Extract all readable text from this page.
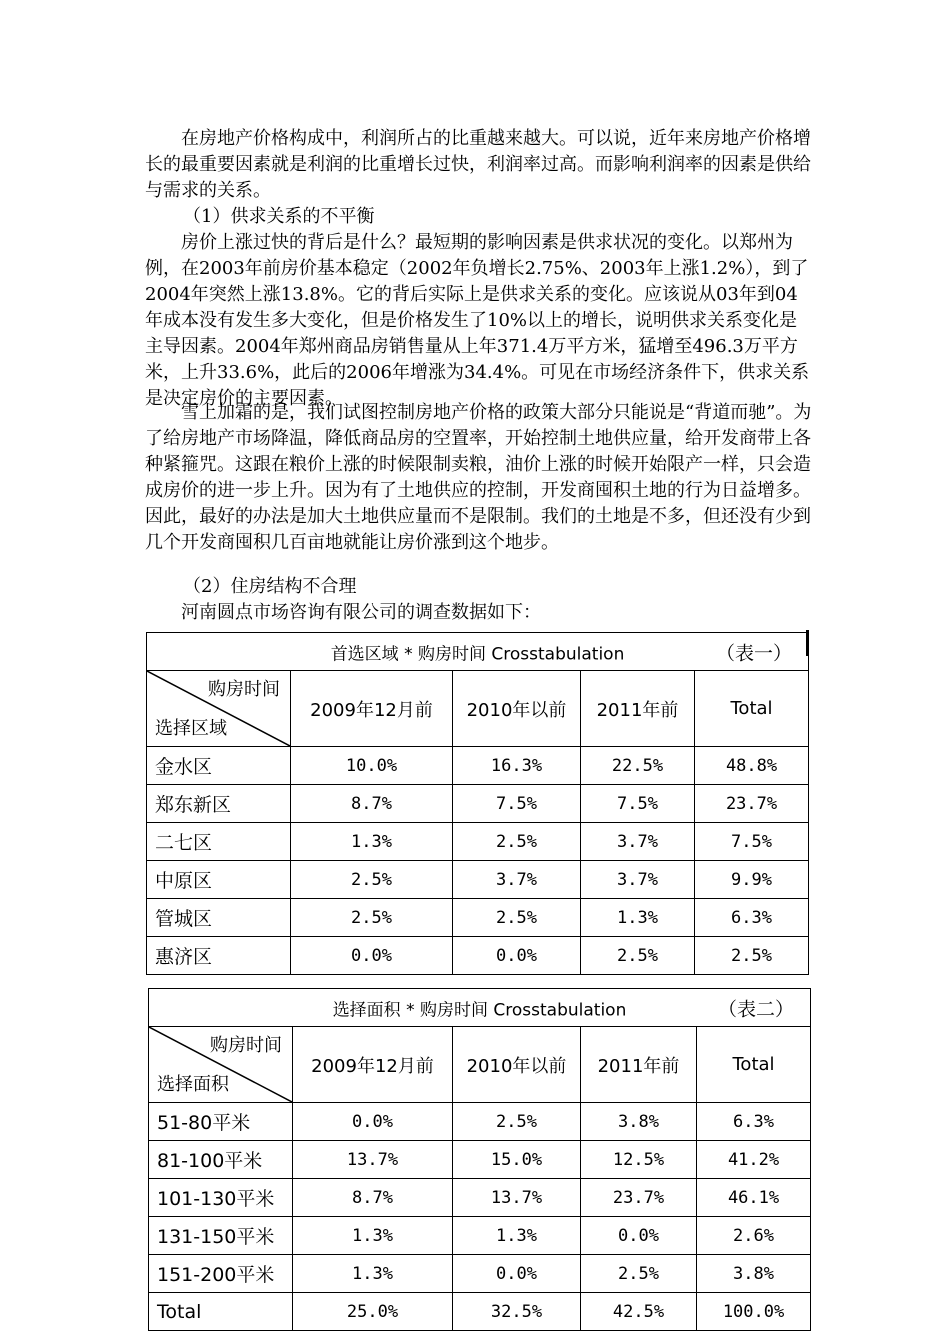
在房地产价格构成中，利润所占的比重越来越大。可以说，近年来房地产价格增长的最重要因素就是利润的比重增长过快，利润率过高。而影响利润率的因素是供给与需求的关系。

（1）供求关系的不平衡

房价上涨过快的背后是什么？最短期的影响因素是供求状况的变化。以郑州为例，在2003年前房价基本稳定（2002年负增长2.75%、2003年上涨1.2%），到了2004年突然上涨13.8%。它的背后实际上是供求关系的变化。应该说从03年到04年成本没有发生多大变化，但是价格发生了10%以上的增长，说明供求关系变化是主导因素。2004年郑州商品房销售量从上年371.4万平方米，猛增至496.3万平方米，上升33.6%，此后的2006年增涨为34.4%。可见在市场经济条件下，供求关系是决定房价的主要因素。

雪上加霜的是，我们试图控制房地产价格的政策大部分只能说是“背道而驰”。为了给房地产市场降温，降低商品房的空置率，开始控制土地供应量，给开发商带上各种紧箍咒。这跟在粮价上涨的时候限制卖粮，油价上涨的时候开始限产一样，只会造成房价的进一步上升。因为有了土地供应的控制，开发商囤积土地的行为日益增多。因此，最好的办法是加大土地供应量而不是限制。我们的土地是不多，但还没有少到几个开发商囤积几百亩地就能让房价涨到这个地步。

（2）住房结构不合理

河南圆点市场咨询有限公司的调查数据如下：

首选区域 * 购房时间 Crosstabulation （表一）				

购房时间
选择区域	2009年12月前	2010年以前	2011年前	Total
金水区	10.0%	16.3%	22.5%	48.8%
郑东新区	8.7%	7.5%	7.5%	23.7%
二七区	1.3%	2.5%	3.7%	7.5%
中原区	2.5%	3.7%	3.7%	9.9%
管城区	2.5%	2.5%	1.3%	6.3%
惠济区	0.0%	0.0%	2.5%	2.5%
选择面积 * 购房时间 Crosstabulation （表二）				

购房时间
选择面积	2009年12月前	2010年以前	2011年前	Total
51-80平米	0.0%	2.5%	3.8%	6.3%
81-100平米	13.7%	15.0%	12.5%	41.2%
101-130平米	8.7%	13.7%	23.7%	46.1%
131-150平米	1.3%	1.3%	0.0%	2.6%
151-200平米	1.3%	0.0%	2.5%	3.8%
Total	25.0%	32.5%	42.5%	100.0%
